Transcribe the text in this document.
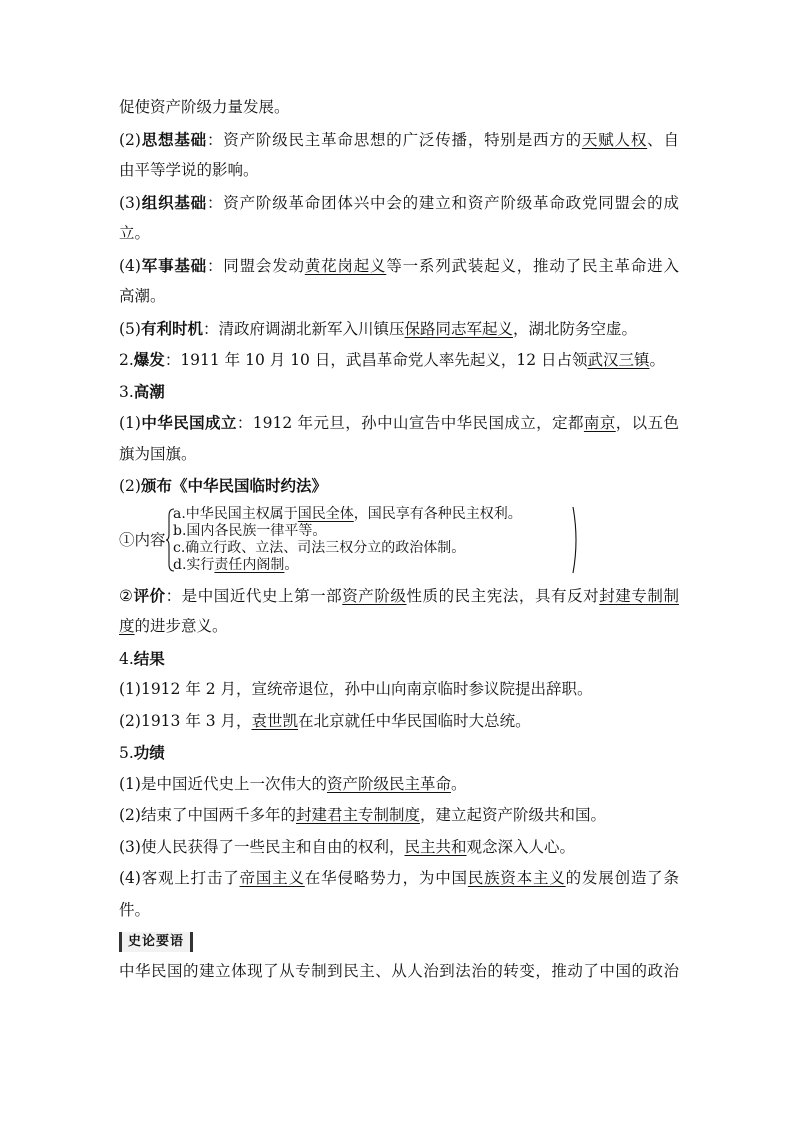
促使资产阶级力量发展。
(2)思想基础：资产阶级民主革命思想的广泛传播，特别是西方的天赋人权、自
由平等学说的影响。
(3)组织基础：资产阶级革命团体兴中会的建立和资产阶级革命政党同盟会的成
立。
(4)军事基础：同盟会发动黄花岗起义等一系列武装起义，推动了民主革命进入
高潮。
(5)有利时机：清政府调湖北新军入川镇压保路同志军起义，湖北防务空虚。
2.爆发：1911 年 10 月 10 日，武昌革命党人率先起义，12 日占领武汉三镇。
3.高潮
(1)中华民国成立：1912 年元旦，孙中山宣告中华民国成立，定都南京，以五色
旗为国旗。
(2)颁布《中华民国临时约法》
①内容
a.中华民国主权属于国民全体，国民享有各种民主权利。
b.国内各民族一律平等。
c.确立行政、立法、司法三权分立的政治体制。
d.实行责任内阁制。
②评价：是中国近代史上第一部资产阶级性质的民主宪法，具有反对封建专制制
度的进步意义。
4.结果
(1)1912 年 2 月，宣统帝退位，孙中山向南京临时参议院提出辞职。
(2)1913 年 3 月，袁世凯在北京就任中华民国临时大总统。
5.功绩
(1)是中国近代史上一次伟大的资产阶级民主革命。
(2)结束了中国两千多年的封建君主专制制度，建立起资产阶级共和国。
(3)使人民获得了一些民主和自由的权利，民主共和观念深入人心。
(4)客观上打击了帝国主义在华侵略势力，为中国民族资本主义的发展创造了条
件。
史论要语
中华民国的建立体现了从专制到民主、从人治到法治的转变，推动了中国的政治
